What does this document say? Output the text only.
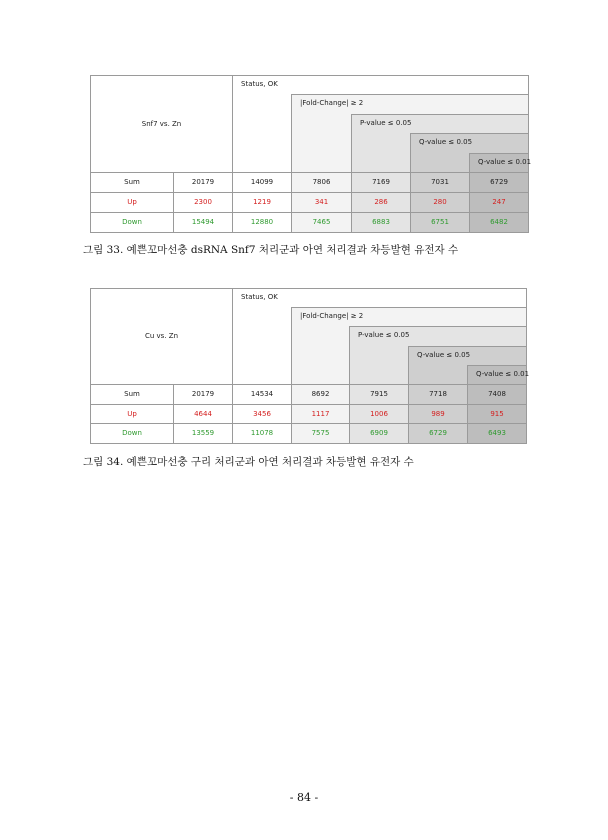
Snf7 vs. Zn
Status, OK
|Fold-Change| ≥ 2
P-value ≤ 0.05
Q-value ≤ 0.05
Q-value ≤ 0.01
Sum	20179	14099	7806	7169	7031	6729
Up	2300	1219	341	286	280	247
Down	15494	12880	7465	6883	6751	6482
그림 33. 예쁜꼬마선충 dsRNA Snf7 처리군과 아연 처리결과 차등발현 유전자 수
Cu vs. Zn
Status, OK
|Fold-Change| ≥ 2
P-value ≤ 0.05
Q-value ≤ 0.05
Q-value ≤ 0.01
Sum	20179	14534	8692	7915	7718	7408
Up	4644	3456	1117	1006	989	915
Down	13559	11078	7575	6909	6729	6493
그림 34. 예쁜꼬마선충 구리 처리군과 아연 처리결과 차등발현 유전자 수
- 84 -
